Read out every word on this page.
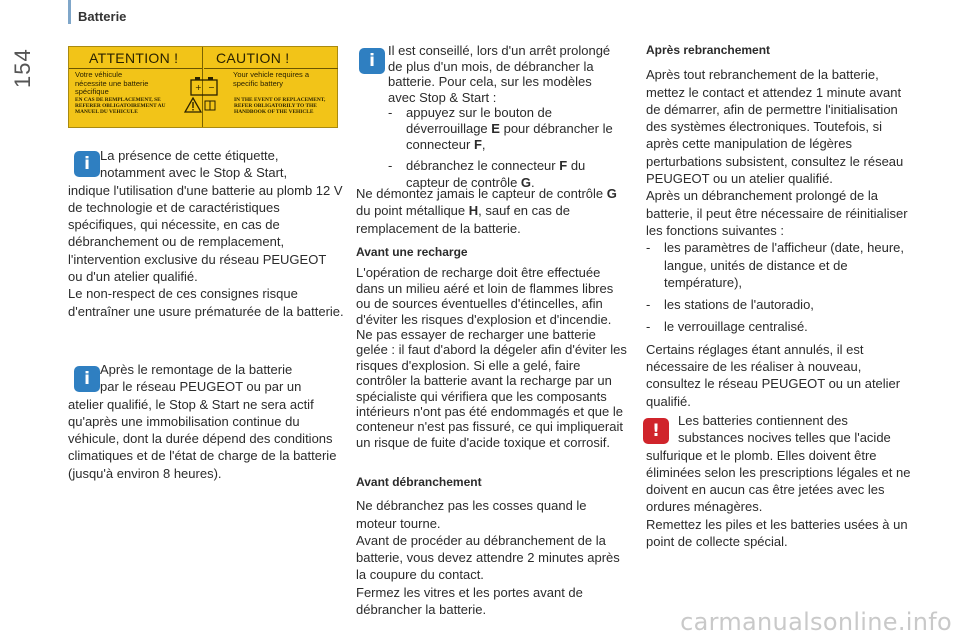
154
Batterie
ATTENTION !
Votre véhicule nécessite une batterie spécifique
EN CAS DE REMPLACEMENT, SE REFERER OBLIGATOIREMENT AU MANUEL DU VEHICULE
+ −
CAUTION !
Your vehicle requires a specific battery
IN THE EVENT OF REPLACEMENT, REFER OBLIGATORILY TO THE HANDBOOK OF THE VEHICLE
i La présence de cette étiquette,

notamment avec le Stop & Start,

indique l'utilisation d'une batterie au plomb 12 V de technologie et de caractéristiques spécifiques, qui nécessite, en cas de débranchement ou de remplacement, l'intervention exclusive du réseau PEUGEOT ou d'un atelier qualifié.

Le non-respect de ces consignes risque d'entraîner une usure prématurée de la batterie.

i Après le remontage de la batterie

par le réseau PEUGEOT ou par un

atelier qualifié, le Stop & Start ne sera actif qu'après une immobilisation continue du véhicule, dont la durée dépend des conditions climatiques et de l'état de charge de la batterie (jusqu'à environ 8 heures).

i

Il est conseillé, lors d'un arrêt prolongé

de plus d'un mois, de débrancher la

batterie. Pour cela, sur les modèles

avec Stop & Start :

-	appuyez sur le bouton de déverrouillage E pour débrancher le connecteur F,
-	débranchez le connecteur F du capteur de contrôle G.

Ne démontez jamais le capteur de contrôle G du point métallique H, sauf en cas de remplacement de la batterie.

Avant une recharge

L'opération de recharge doit être effectuée dans un milieu aéré et loin de flammes libres ou de sources éventuelles d'étincelles, afin d'éviter les risques d'explosion et d'incendie. Ne pas essayer de recharger une batterie gelée : il faut d'abord la dégeler afin d'éviter les risques d'explosion. Si elle a gelé, faire contrôler la batterie avant la recharge par un spécialiste qui vérifiera que les composants intérieurs n'ont pas été endommagés et que le conteneur n'est pas fissuré, ce qui impliquerait un risque de fuite d'acide toxique et corrosif.

Avant débranchement

Ne débranchez pas les cosses quand le moteur tourne.

Avant de procéder au débranchement de la batterie, vous devez attendre 2 minutes après la coupure du contact.

Fermez les vitres et les portes avant de débrancher la batterie.

Après rebranchement

Après tout rebranchement de la batterie, mettez le contact et attendez 1 minute avant de démarrer, afin de permettre l'initialisation des systèmes électroniques. Toutefois, si après cette manipulation de légères perturbations subsistent, consultez le réseau PEUGEOT ou un atelier qualifié.

Après un débranchement prolongé de la batterie, il peut être nécessaire de réinitialiser les fonctions suivantes :

-	les paramètres de l'afficheur (date, heure, langue, unités de distance et de température),
-	les stations de l'autoradio,
-	le verrouillage centralisé.

Certains réglages étant annulés, il est nécessaire de les réaliser à nouveau, consultez le réseau PEUGEOT ou un atelier qualifié.

!

Les batteries contiennent des

substances nocives telles que l'acide

sulfurique et le plomb. Elles doivent être éliminées selon les prescriptions légales et ne doivent en aucun cas être jetées avec les ordures ménagères.

Remettez les piles et les batteries usées à un point de collecte spécial.

carmanualsonline.info
